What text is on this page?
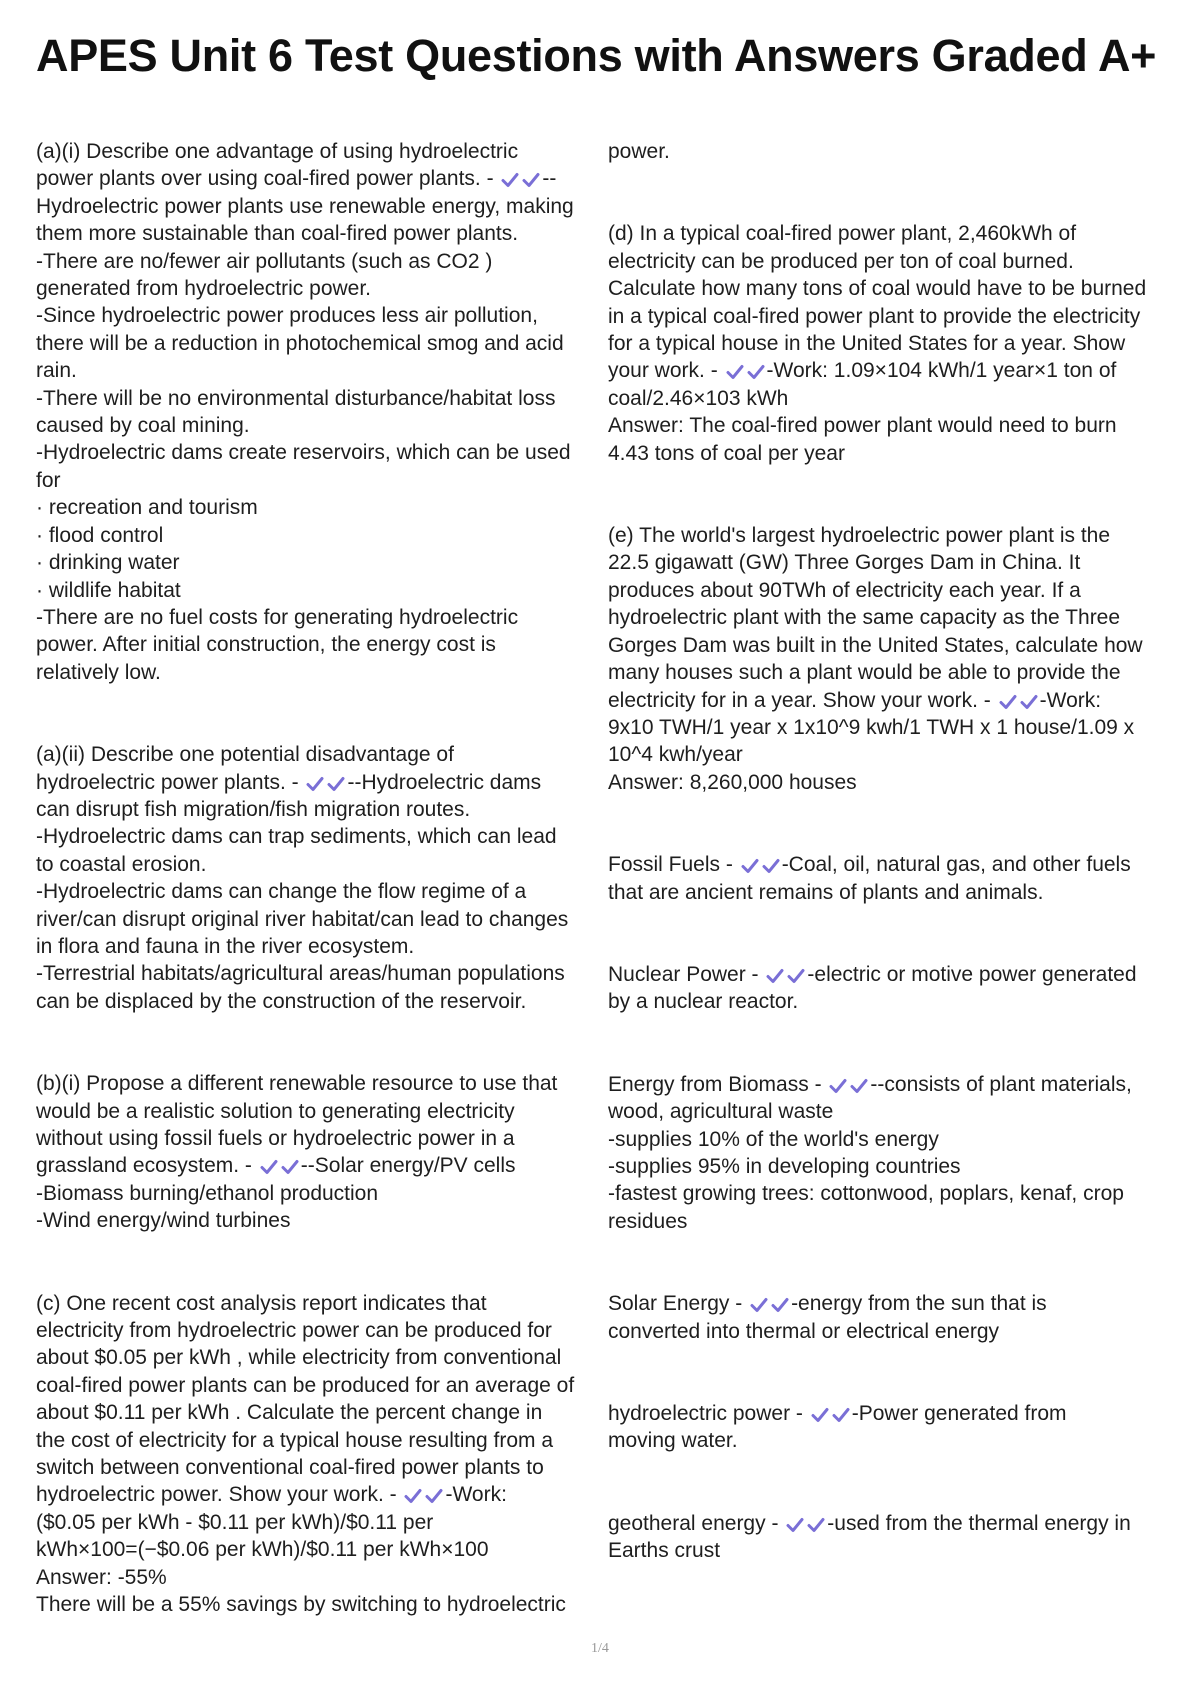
APES Unit 6 Test Questions with Answers Graded A+
(a)(i) Describe one advantage of using hydroelectric
power plants over using coal-fired power plants. -
--
Hydroelectric power plants use renewable energy, making
them more sustainable than coal-fired power plants.
-There are no/fewer air pollutants (such as CO2 )
generated from hydroelectric power.
-Since hydroelectric power produces less air pollution,
there will be a reduction in photochemical smog and acid
rain.
-There will be no environmental disturbance/habitat loss
caused by coal mining.
-Hydroelectric dams create reservoirs, which can be used
for
· recreation and tourism
· flood control
· drinking water
· wildlife habitat
-There are no fuel costs for generating hydroelectric
power. After initial construction, the energy cost is
relatively low.
(a)(ii) Describe one potential disadvantage of
hydroelectric power plants. -
--Hydroelectric dams
can disrupt fish migration/fish migration routes.
-Hydroelectric dams can trap sediments, which can lead
to coastal erosion.
-Hydroelectric dams can change the flow regime of a
river/can disrupt original river habitat/can lead to changes
in flora and fauna in the river ecosystem.
-Terrestrial habitats/agricultural areas/human populations
can be displaced by the construction of the reservoir.
(b)(i) Propose a different renewable resource to use that
would be a realistic solution to generating electricity
without using fossil fuels or hydroelectric power in a
grassland ecosystem. -
--Solar energy/PV cells
-Biomass burning/ethanol production
-Wind energy/wind turbines
(c) One recent cost analysis report indicates that
electricity from hydroelectric power can be produced for
about $0.05 per kWh , while electricity from conventional
coal-fired power plants can be produced for an average of
about $0.11 per kWh . Calculate the percent change in
the cost of electricity for a typical house resulting from a
switch between conventional coal-fired power plants to
hydroelectric power. Show your work. -
-Work:
($0.05 per kWh - $0.11 per kWh)/$0.11 per
kWh×100=(−$0.06 per kWh)/$0.11 per kWh×100
Answer: -55%
There will be a 55% savings by switching to hydroelectric
power.
(d) In a typical coal-fired power plant, 2,460kWh of
electricity can be produced per ton of coal burned.
Calculate how many tons of coal would have to be burned
in a typical coal-fired power plant to provide the electricity
for a typical house in the United States for a year. Show
your work. -
-Work: 1.09×104 kWh/1 year×1 ton of
coal/2.46×103 kWh
Answer: The coal-fired power plant would need to burn
4.43 tons of coal per year
(e) The world's largest hydroelectric power plant is the
22.5 gigawatt (GW) Three Gorges Dam in China. It
produces about 90TWh of electricity each year. If a
hydroelectric plant with the same capacity as the Three
Gorges Dam was built in the United States, calculate how
many houses such a plant would be able to provide the
electricity for in a year. Show your work. -
-Work:
9x10 TWH/1 year x 1x10^9 kwh/1 TWH x 1 house/1.09 x
10^4 kwh/year
Answer: 8,260,000 houses
Fossil Fuels -
-Coal, oil, natural gas, and other fuels
that are ancient remains of plants and animals.
Nuclear Power -
-electric or motive power generated
by a nuclear reactor.
Energy from Biomass -
--consists of plant materials,
wood, agricultural waste
-supplies 10% of the world's energy
-supplies 95% in developing countries
-fastest growing trees: cottonwood, poplars, kenaf, crop
residues
Solar Energy -
-energy from the sun that is
converted into thermal or electrical energy
hydroelectric power -
-Power generated from
moving water.
geotheral energy -
-used from the thermal energy in
Earths crust
1/4
